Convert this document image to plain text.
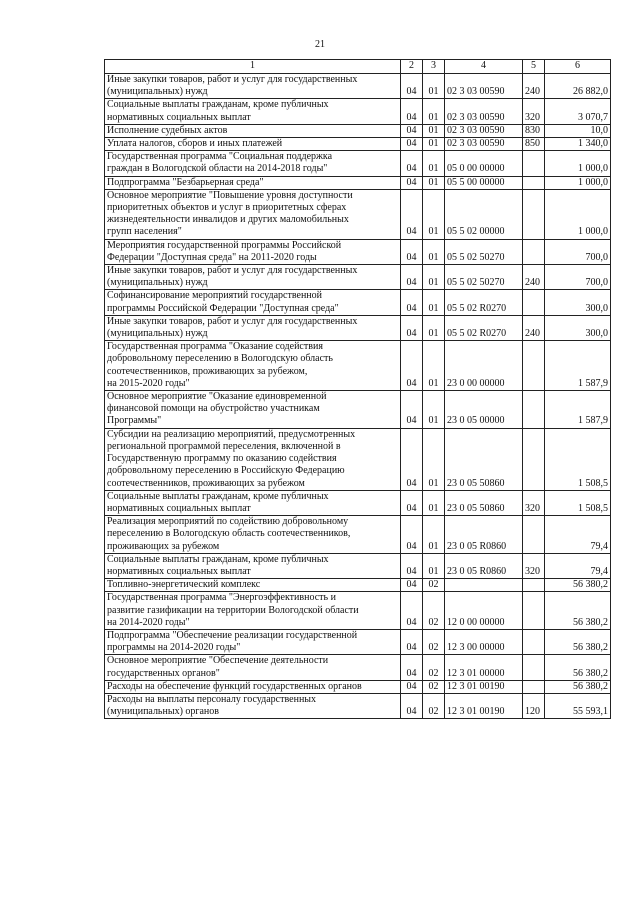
21
1	2	3	4	5	6
Иные закупки товаров, работ и услуг для государственных
(муниципальных) нужд	04	01	02 3 03 00590	240	26 882,0
Социальные выплаты гражданам, кроме публичных
нормативных социальных выплат	04	01	02 3 03 00590	320	3 070,7
Исполнение судебных актов	04	01	02 3 03 00590	830	10,0
Уплата налогов, сборов и иных платежей	04	01	02 3 03 00590	850	1 340,0
Государственная программа "Социальная поддержка
граждан в Вологодской области на 2014-2018 годы"	04	01	05 0 00 00000		1 000,0
Подпрограмма "Безбарьерная среда"	04	01	05 5 00 00000		1 000,0
Основное мероприятие "Повышение уровня доступности
приоритетных объектов и услуг в приоритетных сферах
жизнедеятельности инвалидов и других маломобильных
групп населения"	04	01	05 5 02 00000		1 000,0
Мероприятия государственной программы Российской
Федерации "Доступная среда" на 2011-2020 годы	04	01	05 5 02 50270		700,0
Иные закупки товаров, работ и услуг для государственных
(муниципальных) нужд	04	01	05 5 02 50270	240	700,0
Софинансирование мероприятий государственной
программы Российской Федерации "Доступная среда"	04	01	05 5 02 R0270		300,0
Иные закупки товаров, работ и услуг для государственных
(муниципальных) нужд	04	01	05 5 02 R0270	240	300,0
Государственная программа "Оказание содействия
добровольному переселению в Вологодскую область
соотечественников, проживающих за рубежом,
на 2015-2020 годы"	04	01	23 0 00 00000		1 587,9
Основное мероприятие "Оказание единовременной
финансовой помощи на обустройство участникам
Программы"	04	01	23 0 05 00000		1 587,9
Субсидии на реализацию мероприятий, предусмотренных
региональной программой переселения, включенной в
Государственную программу по оказанию содействия
добровольному переселению в Российскую Федерацию
соотечественников, проживающих за рубежом	04	01	23 0 05 50860		1 508,5
Социальные выплаты гражданам, кроме публичных
нормативных социальных выплат	04	01	23 0 05 50860	320	1 508,5
Реализация мероприятий по содействию добровольному
переселению в Вологодскую область соотечественников,
проживающих за рубежом	04	01	23 0 05 R0860		79,4
Социальные выплаты гражданам, кроме публичных
нормативных социальных выплат	04	01	23 0 05 R0860	320	79,4
Топливно-энергетический комплекс	04	02			56 380,2
Государственная программа "Энергоэффективность и
развитие газификации на территории Вологодской области
на 2014-2020 годы"	04	02	12 0 00 00000		56 380,2
Подпрограмма "Обеспечение реализации государственной
программы на 2014-2020 годы"	04	02	12 3 00 00000		56 380,2
Основное мероприятие "Обеспечение деятельности
государственных органов"	04	02	12 3 01 00000		56 380,2
Расходы на обеспечение функций государственных органов	04	02	12 3 01 00190		56 380,2
Расходы на выплаты персоналу государственных
(муниципальных) органов	04	02	12 3 01 00190	120	55 593,1
